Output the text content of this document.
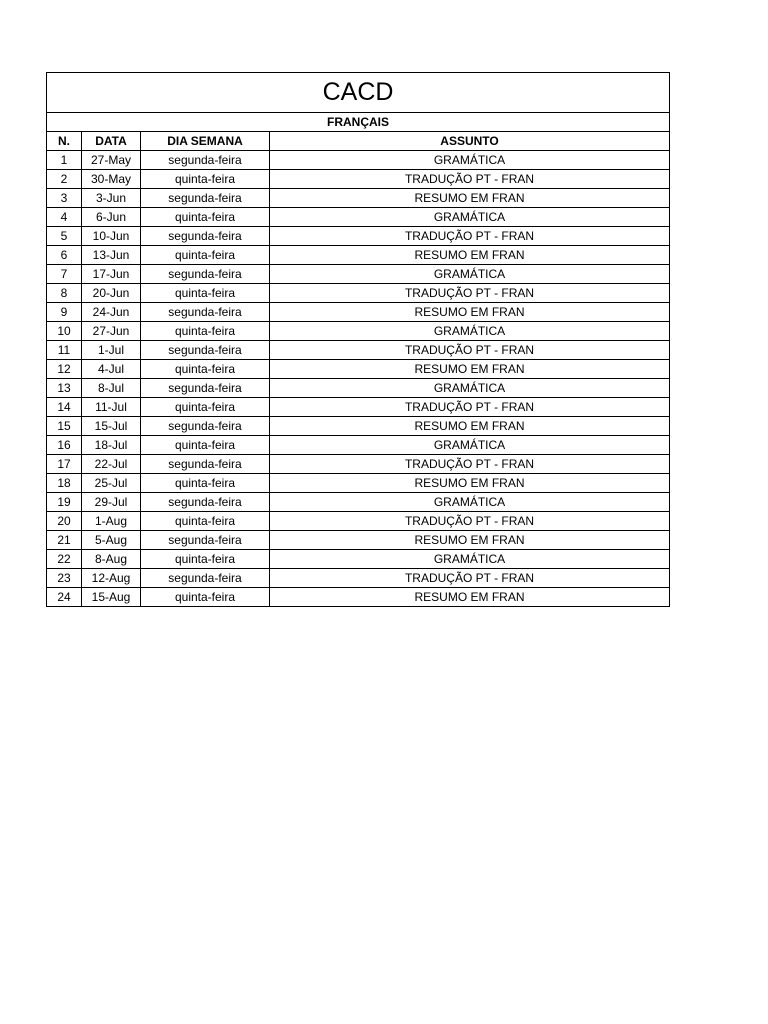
CACD			
FRANÇAIS			
N.	DATA	DIA SEMANA	ASSUNTO
1	27-May	segunda-feira	GRAMÁTICA
2	30-May	quinta-feira	TRADUÇÃO PT - FRAN
3	3-Jun	segunda-feira	RESUMO EM FRAN
4	6-Jun	quinta-feira	GRAMÁTICA
5	10-Jun	segunda-feira	TRADUÇÃO PT - FRAN
6	13-Jun	quinta-feira	RESUMO EM FRAN
7	17-Jun	segunda-feira	GRAMÁTICA
8	20-Jun	quinta-feira	TRADUÇÃO PT - FRAN
9	24-Jun	segunda-feira	RESUMO EM FRAN
10	27-Jun	quinta-feira	GRAMÁTICA
11	1-Jul	segunda-feira	TRADUÇÃO PT - FRAN
12	4-Jul	quinta-feira	RESUMO EM FRAN
13	8-Jul	segunda-feira	GRAMÁTICA
14	11-Jul	quinta-feira	TRADUÇÃO PT - FRAN
15	15-Jul	segunda-feira	RESUMO EM FRAN
16	18-Jul	quinta-feira	GRAMÁTICA
17	22-Jul	segunda-feira	TRADUÇÃO PT - FRAN
18	25-Jul	quinta-feira	RESUMO EM FRAN
19	29-Jul	segunda-feira	GRAMÁTICA
20	1-Aug	quinta-feira	TRADUÇÃO PT - FRAN
21	5-Aug	segunda-feira	RESUMO EM FRAN
22	8-Aug	quinta-feira	GRAMÁTICA
23	12-Aug	segunda-feira	TRADUÇÃO PT - FRAN
24	15-Aug	quinta-feira	RESUMO EM FRAN
